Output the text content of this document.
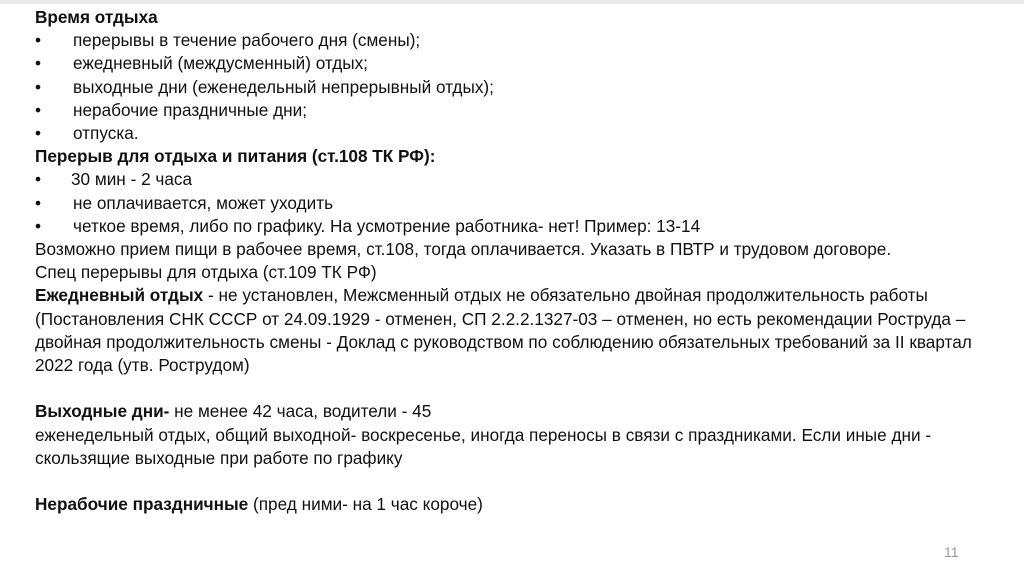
Время отдыха
• перерывы в течение рабочего дня (смены);
• ежедневный (междусменный) отдых;
• выходные дни (еженедельный непрерывный отдых);
• нерабочие праздничные дни;
• отпуска.
Перерыв для отдыха и питания (ст.108 ТК РФ):
• 30 мин - 2 часа
• не оплачивается, может уходить
• четкое время, либо по графику. На усмотрение работника- нет! Пример: 13-14
Возможно прием пищи в рабочее время, ст.108, тогда оплачивается. Указать в ПВТР и трудовом договоре.
Спец перерывы для отдыха (ст.109 ТК РФ)
Ежедневный отдых - не установлен, Межсменный отдых не обязательно двойная продолжительность работы (Постановления СНК СССР от 24.09.1929 - отменен, СП 2.2.2.1327-03 – отменен, но есть рекомендации Роструда – двойная продолжительность смены - Доклад с руководством по соблюдению обязательных требований за II квартал 2022 года (утв. Рострудом)
Выходные дни- не менее 42 часа, водители - 45
еженедельный отдых, общий выходной- воскресенье, иногда переносы в связи с праздниками. Если иные дни - скользящие выходные при работе по графику
Нерабочие праздничные (пред ними- на 1 час короче)
11
